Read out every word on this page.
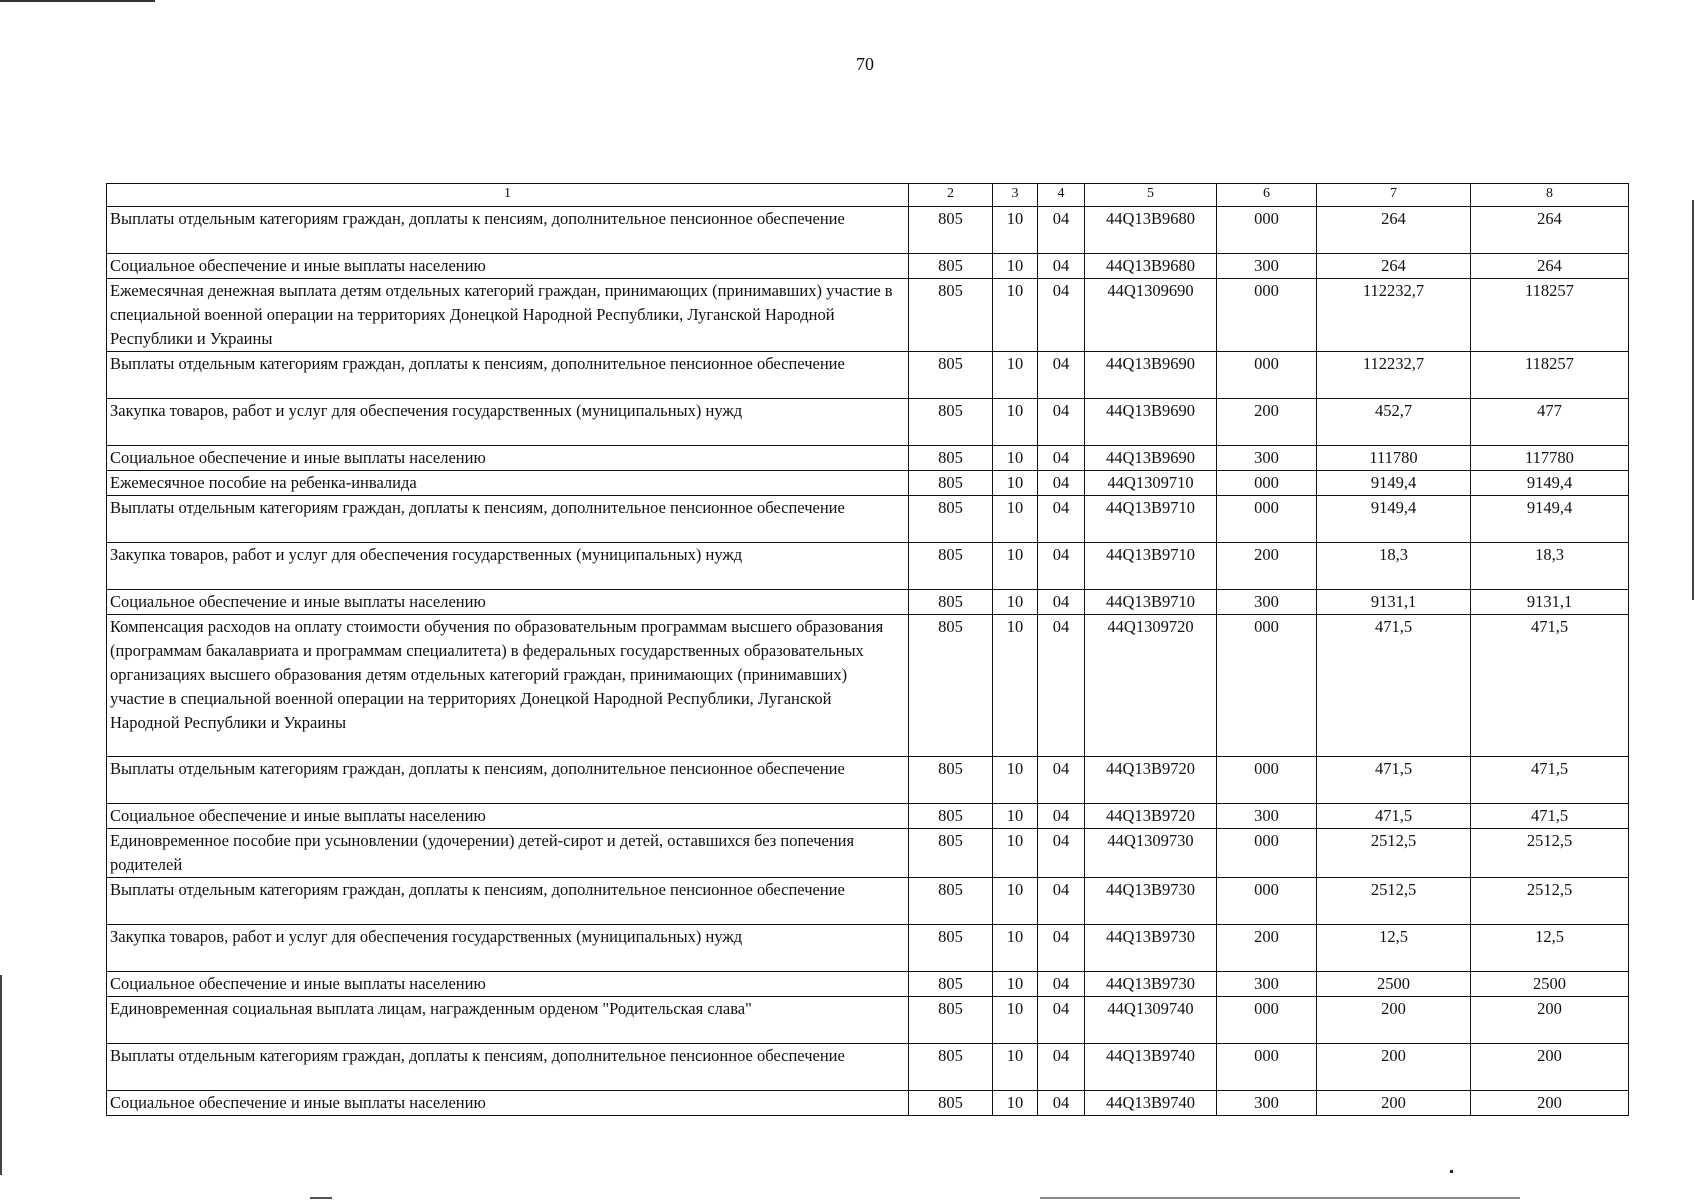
70
1	2	3	4	5	6	7	8
Выплаты отдельным категориям граждан, доплаты к пенсиям, дополнительное пенсионное обеспечение	805	10	04	44Q13B9680	000	264	264
Социальное обеспечение и иные выплаты населению	805	10	04	44Q13B9680	300	264	264
Ежемесячная денежная выплата детям отдельных категорий граждан, принимающих (принимавших) участие в специальной военной операции на территориях Донецкой Народной Республики, Луганской Народной Республики и Украины	805	10	04	44Q1309690	000	112232,7	118257
Выплаты отдельным категориям граждан, доплаты к пенсиям, дополнительное пенсионное обеспечение	805	10	04	44Q13B9690	000	112232,7	118257
Закупка товаров, работ и услуг для обеспечения государственных (муниципальных) нужд	805	10	04	44Q13B9690	200	452,7	477
Социальное обеспечение и иные выплаты населению	805	10	04	44Q13B9690	300	111780	117780
Ежемесячное пособие на ребенка-инвалида	805	10	04	44Q1309710	000	9149,4	9149,4
Выплаты отдельным категориям граждан, доплаты к пенсиям, дополнительное пенсионное обеспечение	805	10	04	44Q13B9710	000	9149,4	9149,4
Закупка товаров, работ и услуг для обеспечения государственных (муниципальных) нужд	805	10	04	44Q13B9710	200	18,3	18,3
Социальное обеспечение и иные выплаты населению	805	10	04	44Q13B9710	300	9131,1	9131,1
Компенсация расходов на оплату стоимости обучения по образовательным программам высшего образования (программам бакалавриата и программам специалитета) в федеральных государственных образовательных организациях высшего образования детям отдельных категорий граждан, принимающих (принимавших) участие в специальной военной операции на территориях Донецкой Народной Республики, Луганской Народной Республики и Украины	805	10	04	44Q1309720	000	471,5	471,5
Выплаты отдельным категориям граждан, доплаты к пенсиям, дополнительное пенсионное обеспечение	805	10	04	44Q13B9720	000	471,5	471,5
Социальное обеспечение и иные выплаты населению	805	10	04	44Q13B9720	300	471,5	471,5
Единовременное пособие при усыновлении (удочерении) детей-сирот и детей, оставшихся без попечения родителей	805	10	04	44Q1309730	000	2512,5	2512,5
Выплаты отдельным категориям граждан, доплаты к пенсиям, дополнительное пенсионное обеспечение	805	10	04	44Q13B9730	000	2512,5	2512,5
Закупка товаров, работ и услуг для обеспечения государственных (муниципальных) нужд	805	10	04	44Q13B9730	200	12,5	12,5
Социальное обеспечение и иные выплаты населению	805	10	04	44Q13B9730	300	2500	2500
Единовременная социальная выплата лицам, награжденным орденом "Родительская слава"	805	10	04	44Q1309740	000	200	200
Выплаты отдельным категориям граждан, доплаты к пенсиям, дополнительное пенсионное обеспечение	805	10	04	44Q13B9740	000	200	200
Социальное обеспечение и иные выплаты населению	805	10	04	44Q13B9740	300	200	200
